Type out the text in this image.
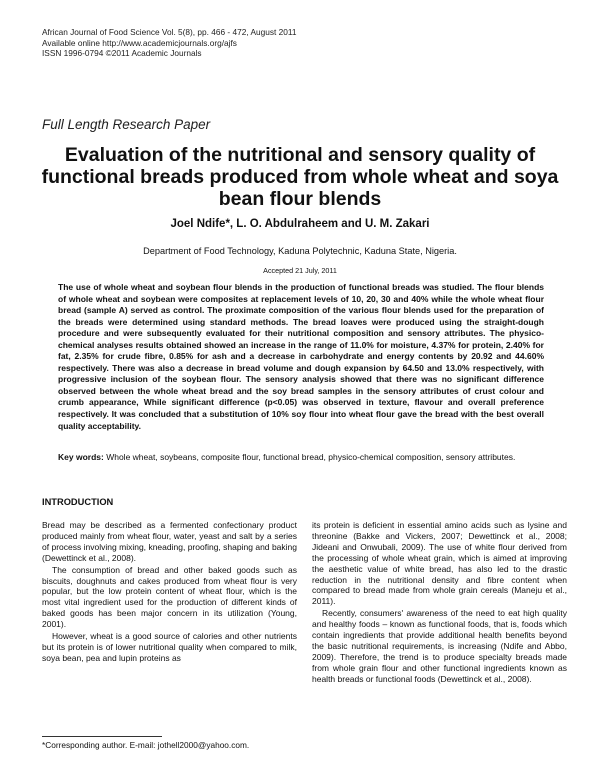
African Journal of Food Science Vol. 5(8), pp. 466 - 472, August 2011
Available online http://www.academicjournals.org/ajfs
ISSN 1996-0794 ©2011 Academic Journals
Full Length Research Paper
Evaluation of the nutritional and sensory quality of functional breads produced from whole wheat and soya bean flour blends
Joel Ndife*, L. O. Abdulraheem and U. M. Zakari
Department of Food Technology, Kaduna Polytechnic, Kaduna State, Nigeria.
Accepted 21 July, 2011
The use of whole wheat and soybean flour blends in the production of functional breads was studied. The flour blends of whole wheat and soybean were composites at replacement levels of 10, 20, 30 and 40% while the whole wheat flour bread (sample A) served as control. The proximate composition of the various flour blends used for the preparation of the breads were determined using standard methods. The bread loaves were produced using the straight-dough procedure and were subsequently evaluated for their nutritional composition and sensory attributes. The physico-chemical analyses results obtained showed an increase in the range of 11.0% for moisture, 4.37% for protein, 2.40% for fat, 2.35% for crude fibre, 0.85% for ash and a decrease in carbohydrate and energy contents by 20.92 and 44.60% respectively. There was also a decrease in bread volume and dough expansion by 64.50 and 13.0% respectively, with progressive inclusion of the soybean flour. The sensory analysis showed that there was no significant difference observed between the whole wheat bread and the soy bread samples in the sensory attributes of crust colour and crumb appearance, While significant difference (p<0.05) was observed in texture, flavour and overall preference respectively. It was concluded that a substitution of 10% soy flour into wheat flour gave the bread with the best overall quality acceptability.
Key words: Whole wheat, soybeans, composite flour, functional bread, physico-chemical composition, sensory attributes.
INTRODUCTION

Bread may be described as a fermented confectionary product produced mainly from wheat flour, water, yeast and salt by a series of process involving mixing, kneading, proofing, shaping and baking (Dewettinck et al., 2008).

The consumption of bread and other baked goods such as biscuits, doughnuts and cakes produced from wheat flour is very popular, but the low protein content of wheat flour, which is the most vital ingredient used for the production of different kinds of baked goods has been major concern in its utilization (Young, 2001).

However, wheat is a good source of calories and other nutrients but its protein is of lower nutritional quality when compared to milk, soya bean, pea and lupin proteins as

its protein is deficient in essential amino acids such as lysine and threonine (Bakke and Vickers, 2007; Dewettinck et al., 2008; Jideani and Onwubali, 2009). The use of white flour derived from the processing of whole wheat grain, which is aimed at improving the aesthetic value of white bread, has also led to the drastic reduction in the nutritional density and fibre content when compared to bread made from whole grain cereals (Maneju et al., 2011).

Recently, consumers' awareness of the need to eat high quality and healthy foods – known as functional foods, that is, foods which contain ingredients that provide additional health benefits beyond the basic nutritional requirements, is increasing (Ndife and Abbo, 2009). Therefore, the trend is to produce specialty breads made from whole grain flour and other functional ingredients known as health breads or functional foods (Dewettinck et al., 2008).

*Corresponding author. E-mail: jothell2000@yahoo.com.
